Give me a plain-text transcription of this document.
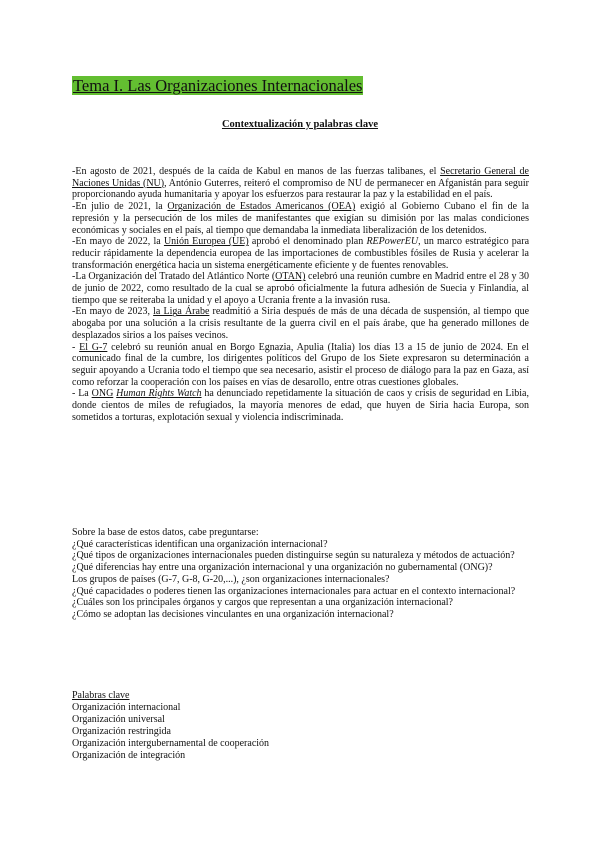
Tema I. Las Organizaciones Internacionales
Contextualización y palabras clave

-En agosto de 2021, después de la caída de Kabul en manos de las fuerzas talibanes, el Secretario General de Naciones Unidas (NU), António Guterres, reiteró el compromiso de NU de permanecer en Afganistán para seguir proporcionando ayuda humanitaria y apoyar los esfuerzos para restaurar la paz y la estabilidad en el país.

-En julio de 2021, la Organización de Estados Americanos (OEA) exigió al Gobierno Cubano el fin de la represión y la persecución de los miles de manifestantes que exigían su dimisión por las malas condiciones económicas y sociales en el país, al tiempo que demandaba la inmediata liberalización de los detenidos.

-En mayo de 2022, la Unión Europea (UE) aprobó el denominado plan REPowerEU, un marco estratégico para reducir rápidamente la dependencia europea de las importaciones de combustibles fósiles de Rusia y acelerar la transformación energética hacia un sistema energéticamente eficiente y de fuentes renovables.

-La Organización del Tratado del Atlántico Norte (OTAN) celebró una reunión cumbre en Madrid entre el 28 y 30 de junio de 2022, como resultado de la cual se aprobó oficialmente la futura adhesión de Suecia y Finlandia, al tiempo que se reiteraba la unidad y el apoyo a Ucrania frente a la invasión rusa.

-En mayo de 2023, la Liga Árabe readmitió a Siria después de más de una década de suspensión, al tiempo que abogaba por una solución a la crisis resultante de la guerra civil en el país árabe, que ha generado millones de desplazados sirios a los países vecinos.

- El G-7 celebró su reunión anual en Borgo Egnazia, Apulia (Italia) los días 13 a 15 de junio de 2024. En el comunicado final de la cumbre, los dirigentes políticos del Grupo de los Siete expresaron su determinación a seguir apoyando a Ucrania todo el tiempo que sea necesario, asistir el proceso de diálogo para la paz en Gaza, así como reforzar la cooperación con los países en vías de desarollo, entre otras cuestiones globales.

- La ONG Human Rights Watch ha denunciado repetidamente la situación de caos y crisis de seguridad en Libia, donde cientos de miles de refugiados, la mayoría menores de edad, que huyen de Siria hacia Europa, son sometidos a torturas, explotación sexual y violencia indiscriminada.

Sobre la base de estos datos, cabe preguntarse:

¿Qué características identifican una organización internacional?

¿Qué tipos de organizaciones internacionales pueden distinguirse según su naturaleza y métodos de actuación?

¿Qué diferencias hay entre una organización internacional y una organización no gubernamental (ONG)?

Los grupos de países (G-7, G-8, G-20,...), ¿son organizaciones internacionales?

¿Qué capacidades o poderes tienen las organizaciones internacionales para actuar en el contexto internacional?

¿Cuáles son los principales órganos y cargos que representan a una organización internacional?

¿Cómo se adoptan las decisiones vinculantes en una organización internacional?

Palabras clave

Organización internacional

Organización universal

Organización restringida

Organización intergubernamental de cooperación

Organización de integración
